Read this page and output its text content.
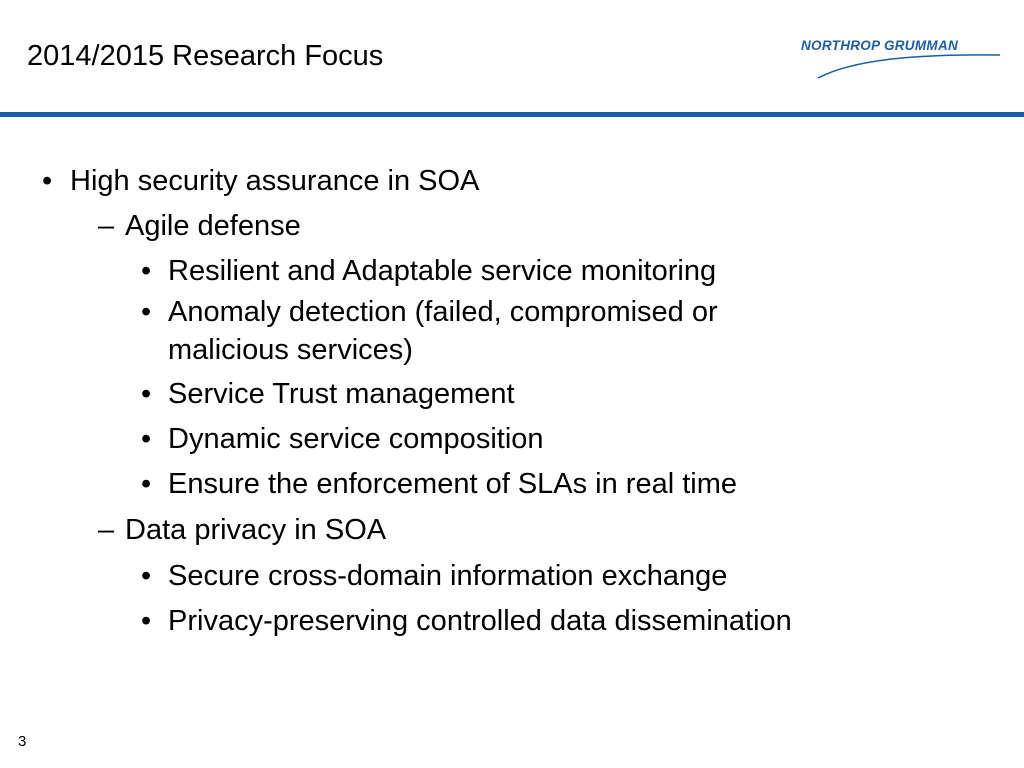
2014/2015 Research Focus	NORTHROP GRUMMAN
• High security assurance in SOA
– Agile defense
• Resilient and Adaptable service monitoring
• Anomaly detection (failed, compromised or
malicious services)
• Service Trust management
• Dynamic service composition
• Ensure the enforcement of SLAs in real time
– Data privacy in SOA
• Secure cross-domain information exchange
• Privacy-preserving controlled data dissemination
3
